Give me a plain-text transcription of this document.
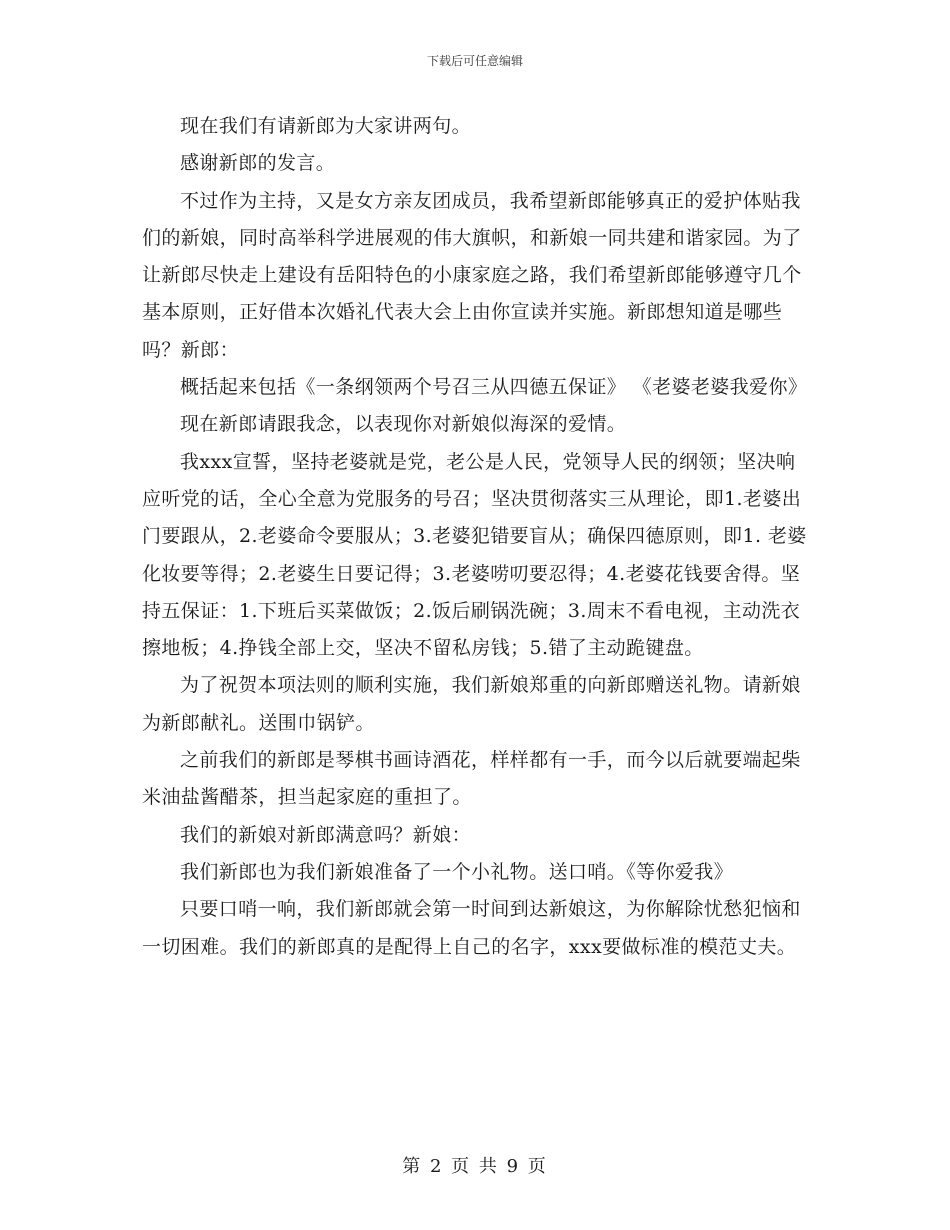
下载后可任意编辑

现在我们有请新郎为大家讲两句。

感谢新郎的发言。

不过作为主持，又是女方亲友团成员，我希望新郎能够真正的爱护体贴我们的新娘，同时高举科学进展观的伟大旗帜，和新娘一同共建和谐家园。为了让新郎尽快走上建设有岳阳特色的小康家庭之路，我们希望新郎能够遵守几个基本原则，正好借本次婚礼代表大会上由你宣读并实施。新郎想知道是哪些吗？新郎：

概括起来包括《一条纲领两个号召三从四德五保证》 《老婆老婆我爱你》

现在新郎请跟我念，以表现你对新娘似海深的爱情。

我xxx宣誓，坚持老婆就是党，老公是人民，党领导人民的纲领；坚决响应听党的话，全心全意为党服务的号召；坚决贯彻落实三从理论，即1.老婆出门要跟从，2.老婆命令要服从；3.老婆犯错要盲从；确保四德原则，即1. 老婆化妆要等得；2.老婆生日要记得；3.老婆唠叨要忍得；4.老婆花钱要舍得。坚持五保证：1.下班后买菜做饭；2.饭后刷锅洗碗；3.周末不看电视，主动洗衣擦地板；4.挣钱全部上交，坚决不留私房钱；5.错了主动跪键盘。

为了祝贺本项法则的顺利实施，我们新娘郑重的向新郎赠送礼物。请新娘为新郎献礼。送围巾锅铲。

之前我们的新郎是琴棋书画诗酒花，样样都有一手，而今以后就要端起柴米油盐酱醋茶，担当起家庭的重担了。

我们的新娘对新郎满意吗？新娘：

我们新郎也为我们新娘准备了一个小礼物。送口哨。《等你爱我》

只要口哨一响，我们新郎就会第一时间到达新娘这，为你解除忧愁犯恼和一切困难。我们的新郎真的是配得上自己的名字，xxx要做标准的模范丈夫。

第 2 页 共 9 页
